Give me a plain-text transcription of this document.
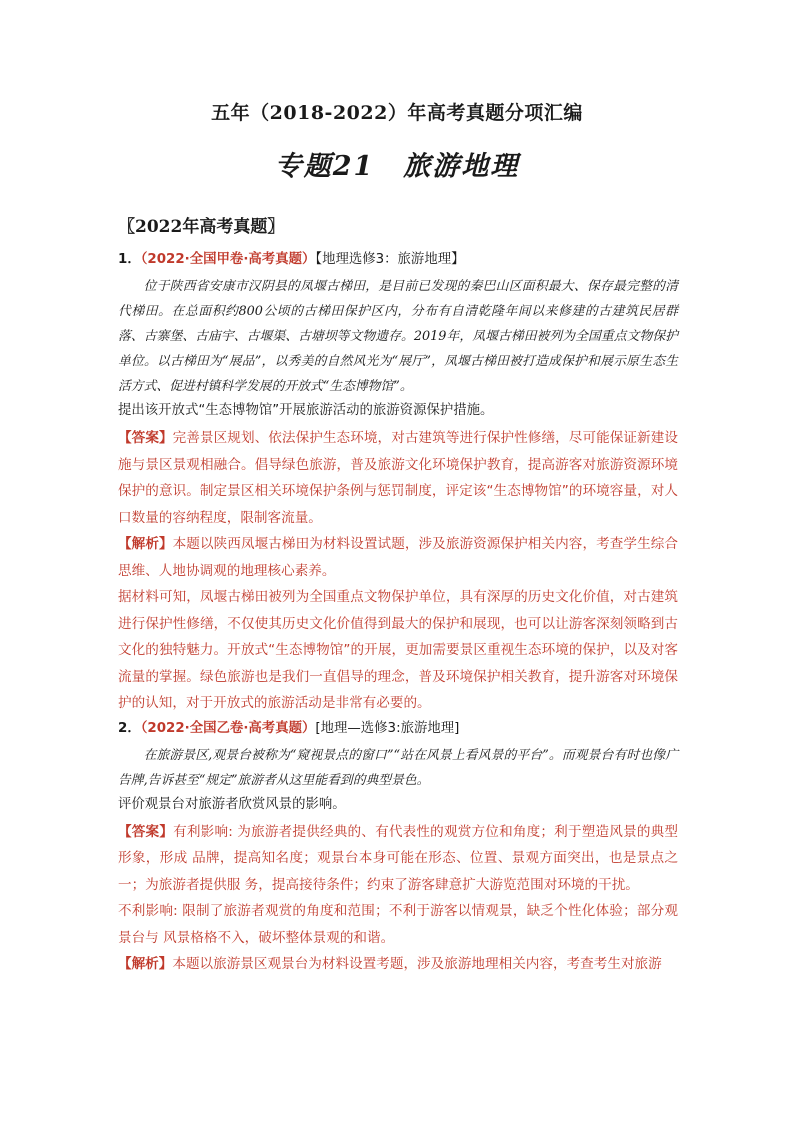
五年（2018-2022）年高考真题分项汇编
专题21　旅游地理
〖2022年高考真题〗

1．（2022·全国甲卷·高考真题）【地理选修3：旅游地理】

位于陕西省安康市汉阴县的凤堰古梯田，是目前已发现的秦巴山区面积最大、保存最完整的清代梯田。在总面积约800公顷的古梯田保护区内，分布有自清乾隆年间以来修建的古建筑民居群落、古寨堡、古庙宇、古堰渠、古塘坝等文物遗存。2019年，凤堰古梯田被列为全国重点文物保护单位。以古梯田为“展品”，以秀美的自然风光为“展厅”，凤堰古梯田被打造成保护和展示原生态生活方式、促进村镇科学发展的开放式“生态博物馆”。

提出该开放式“生态博物馆”开展旅游活动的旅游资源保护措施。

【答案】完善景区规划、依法保护生态环境，对古建筑等进行保护性修缮，尽可能保证新建设施与景区景观相融合。倡导绿色旅游，普及旅游文化环境保护教育，提高游客对旅游资源环境保护的意识。制定景区相关环境保护条例与惩罚制度，评定该“生态博物馆”的环境容量，对人口数量的容纳程度，限制客流量。

【解析】本题以陕西凤堰古梯田为材料设置试题，涉及旅游资源保护相关内容，考查学生综合思维、人地协调观的地理核心素养。

据材料可知，凤堰古梯田被列为全国重点文物保护单位，具有深厚的历史文化价值，对古建筑进行保护性修缮，不仅使其历史文化价值得到最大的保护和展现，也可以让游客深刻领略到古文化的独特魅力。开放式“生态博物馆”的开展，更加需要景区重视生态环境的保护，以及对客流量的掌握。绿色旅游也是我们一直倡导的理念，普及环境保护相关教育，提升游客对环境保护的认知，对于开放式的旅游活动是非常有必要的。

2．（2022·全国乙卷·高考真题）[地理—选修3:旅游地理]

在旅游景区,观景台被称为“窥视景点的窗口”“站在风景上看风景的平台”。而观景台有时也像广告牌,告诉甚至“规定”旅游者从这里能看到的典型景色。

评价观景台对旅游者欣赏风景的影响。

【答案】有利影响: 为旅游者提供经典的、有代表性的观赏方位和角度；利于塑造风景的典型形象，形成 品牌，提高知名度；观景台本身可能在形态、位置、景观方面突出，也是景点之一；为旅游者提供服 务，提高接待条件；约束了游客肆意扩大游览范围对环境的干扰。

不利影响: 限制了旅游者观赏的角度和范围；不利于游客以情观景，缺乏个性化体验；部分观景台与 风景格格不入，破坏整体景观的和谐。

【解析】本题以旅游景区观景台为材料设置考题，涉及旅游地理相关内容，考查考生对旅游
